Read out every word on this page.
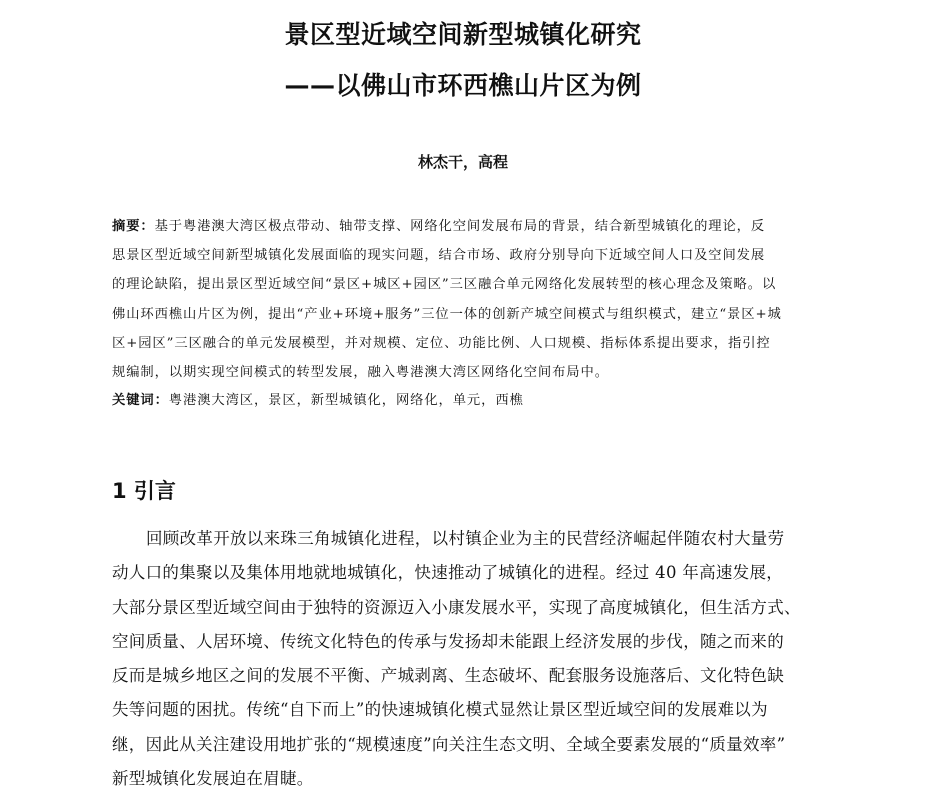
景区型近域空间新型城镇化研究
——以佛山市环西樵山片区为例
林杰干，高程
摘要：基于粤港澳大湾区极点带动、轴带支撑、网络化空间发展布局的背景，结合新型城镇化的理论，反
思景区型近域空间新型城镇化发展面临的现实问题，结合市场、政府分别导向下近域空间人口及空间发展
的理论缺陷，提出景区型近域空间“景区+城区+园区”三区融合单元网络化发展转型的核心理念及策略。以
佛山环西樵山片区为例，提出“产业+环境+服务”三位一体的创新产城空间模式与组织模式，建立“景区+城
区+园区”三区融合的单元发展模型，并对规模、定位、功能比例、人口规模、指标体系提出要求，指引控
规编制，以期实现空间模式的转型发展，融入粤港澳大湾区网络化空间布局中。
关键词：粤港澳大湾区，景区，新型城镇化，网络化，单元，西樵
1 引言
回顾改革开放以来珠三角城镇化进程，以村镇企业为主的民营经济崛起伴随农村大量劳
动人口的集聚以及集体用地就地城镇化，快速推动了城镇化的进程。经过 40 年高速发展，
大部分景区型近域空间由于独特的资源迈入小康发展水平，实现了高度城镇化，但生活方式、
空间质量、人居环境、传统文化特色的传承与发扬却未能跟上经济发展的步伐，随之而来的
反而是城乡地区之间的发展不平衡、产城剥离、生态破坏、配套服务设施落后、文化特色缺
失等问题的困扰。传统“自下而上”的快速城镇化模式显然让景区型近域空间的发展难以为
继，因此从关注建设用地扩张的“规模速度”向关注生态文明、全域全要素发展的“质量效率”
新型城镇化发展迫在眉睫。
